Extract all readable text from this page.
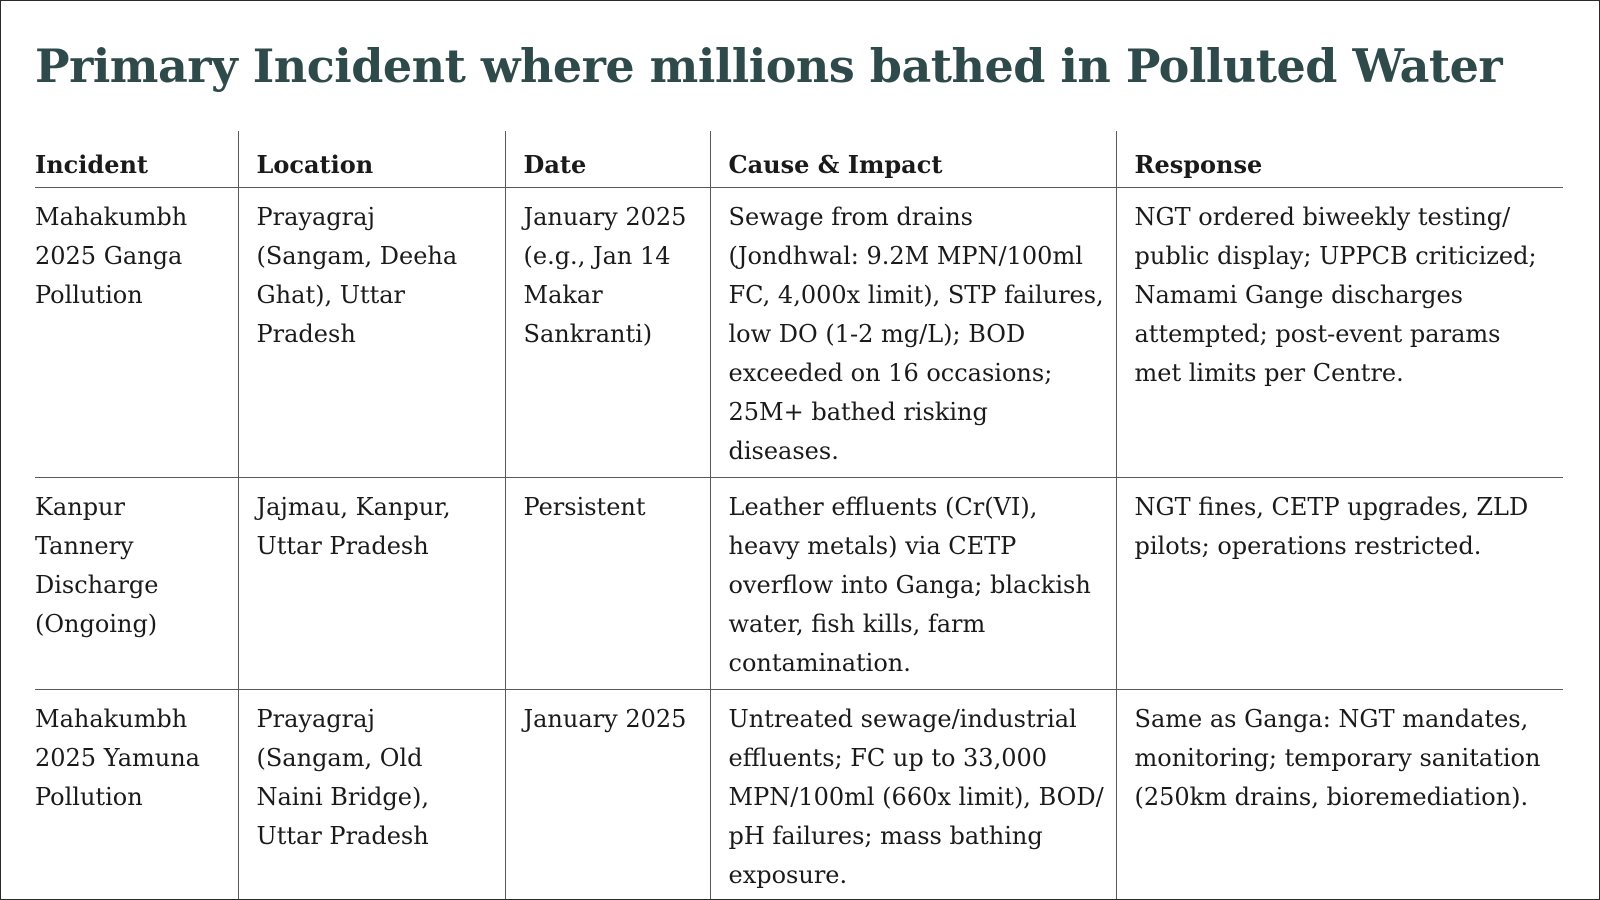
Primary Incident where millions bathed in Polluted Water
Incident	Location	Date	Cause & Impact	Response
Mahakumbh 2025 Ganga Pollution	Prayagraj (Sangam, Deeha Ghat), Uttar Pradesh	January 2025 (e.g., Jan 14 Makar Sankranti)	Sewage from drains (Jondhwal: 9.2M MPN/100ml FC, 4,000x limit), STP failures, low DO (1-2 mg/L); BOD exceeded on 16 occasions; 25M+ bathed risking diseases.	NGT ordered biweekly testing/ public display; UPPCB criticized; Namami Gange discharges attempted; post-event params met limits per Centre.
Kanpur Tannery Discharge (Ongoing)	Jajmau, Kanpur, Uttar Pradesh	Persistent	Leather effluents (Cr(VI), heavy metals) via CETP overflow into Ganga; blackish water, fish kills, farm contamination.	NGT fines, CETP upgrades, ZLD pilots; operations restricted.
Mahakumbh 2025 Yamuna Pollution	Prayagraj (Sangam, Old Naini Bridge), Uttar Pradesh	January 2025	Untreated sewage/industrial effluents; FC up to 33,000 MPN/100ml (660x limit), BOD/ pH failures; mass bathing exposure.	Same as Ganga: NGT mandates, monitoring; temporary sanitation (250km drains, bioremediation).
